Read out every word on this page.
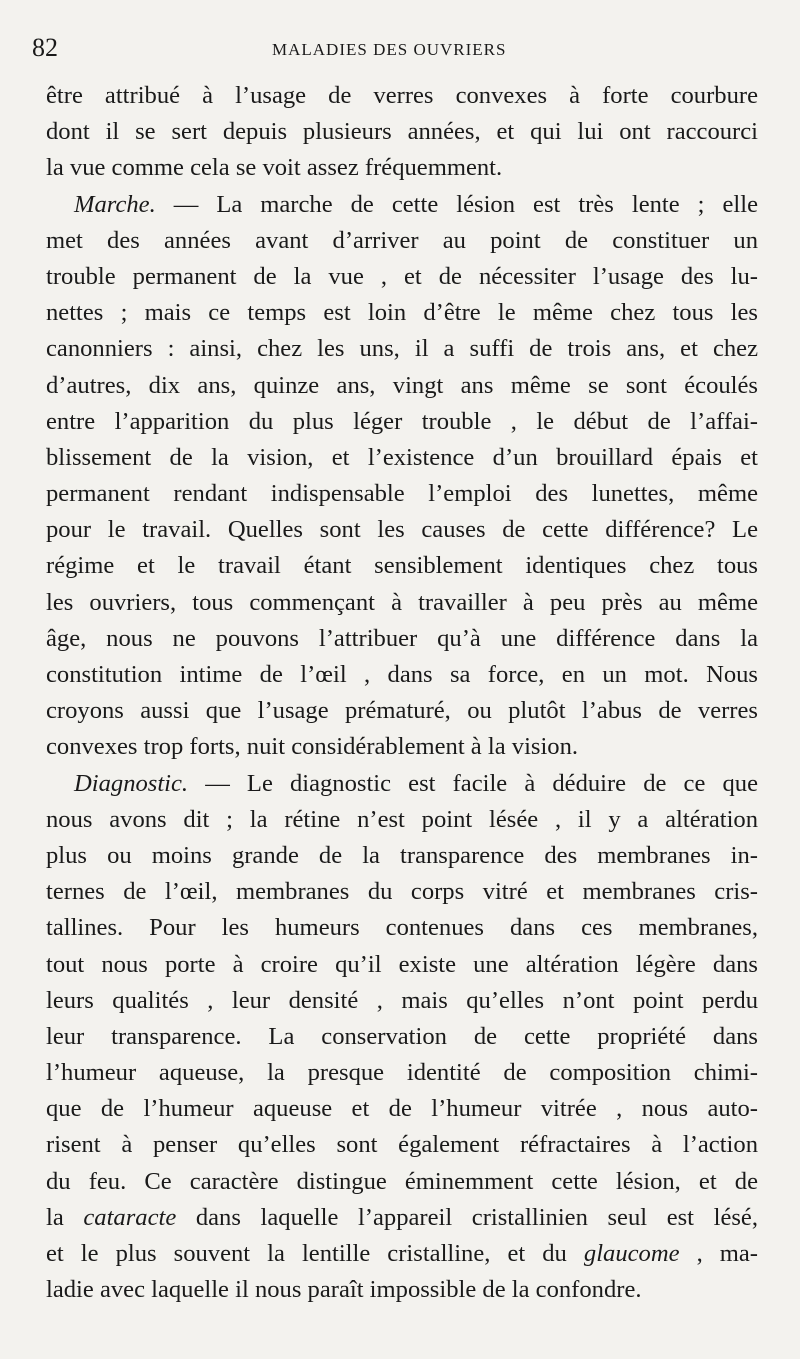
82	MALADIES DES OUVRIERS

être attribué à l’usage de verres convexes à forte courbure
dont il se sert depuis plusieurs années, et qui lui ont raccourci
la vue comme cela se voit assez fréquemment.

Marche. — La marche de cette lésion est très lente ; elle
met des années avant d’arriver au point de constituer un
trouble permanent de la vue , et de nécessiter l’usage des lu-
nettes ; mais ce temps est loin d’être le même chez tous les
canonniers : ainsi, chez les uns, il a suffi de trois ans, et chez
d’autres, dix ans, quinze ans, vingt ans même se sont écoulés
entre l’apparition du plus léger trouble , le début de l’affai-
blissement de la vision, et l’existence d’un brouillard épais et
permanent rendant indispensable l’emploi des lunettes, même
pour le travail. Quelles sont les causes de cette différence? Le
régime et le travail étant sensiblement identiques chez tous
les ouvriers, tous commençant à travailler à peu près au même
âge, nous ne pouvons l’attribuer qu’à une différence dans la
constitution intime de l’œil , dans sa force, en un mot. Nous
croyons aussi que l’usage prématuré, ou plutôt l’abus de verres
convexes trop forts, nuit considérablement à la vision.

Diagnostic. — Le diagnostic est facile à déduire de ce que
nous avons dit ; la rétine n’est point lésée , il y a altération
plus ou moins grande de la transparence des membranes in-
ternes de l’œil, membranes du corps vitré et membranes cris-
tallines. Pour les humeurs contenues dans ces membranes,
tout nous porte à croire qu’il existe une altération légère dans
leurs qualités , leur densité , mais qu’elles n’ont point perdu
leur transparence. La conservation de cette propriété dans
l’humeur aqueuse, la presque identité de composition chimi-
que de l’humeur aqueuse et de l’humeur vitrée , nous auto-
risent à penser qu’elles sont également réfractaires à l’action
du feu. Ce caractère distingue éminemment cette lésion, et de
la cataracte dans laquelle l’appareil cristallinien seul est lésé,
et le plus souvent la lentille cristalline, et du glaucome , ma-
ladie avec laquelle il nous paraît impossible de la confondre.
